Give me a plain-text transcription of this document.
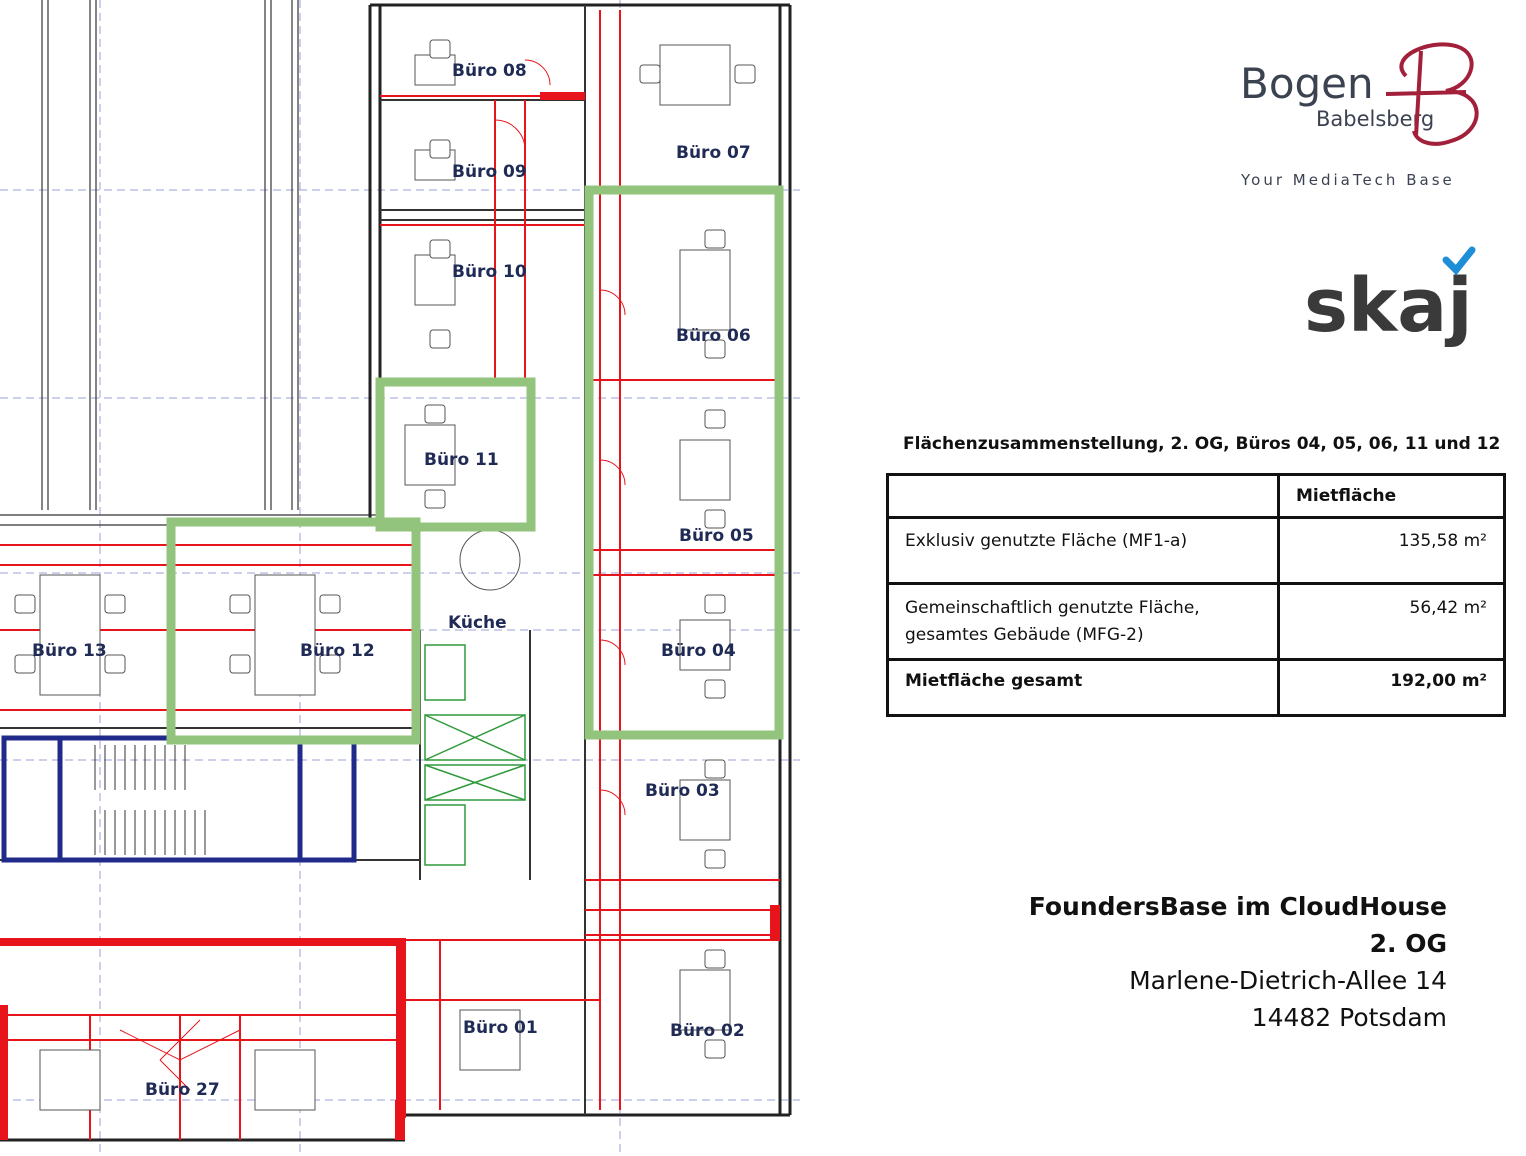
Büro 08
Büro 07
Büro 09
Büro 10
Büro 06
Büro 11
Büro 05
Küche
Büro 13	Büro 12	Büro 04
Büro 03
Büro 01	Büro 02
Büro 27
Bogen
Babelsberg
Your MediaTech Base
skaj
Flächenzusammenstellung, 2. OG, Büros 04, 05, 06, 11 und 12
	Mietfläche
Exklusiv genutzte Fläche (MF1-a)	135,58 m²

Gemeinschaftlich genutzte Fläche,
gesamtes Gebäude (MFG-2)	56,42 m²
Mietfläche gesamt	192,00 m²
FoundersBase im CloudHouse
2. OG
Marlene-Dietrich-Allee 14
14482 Potsdam
